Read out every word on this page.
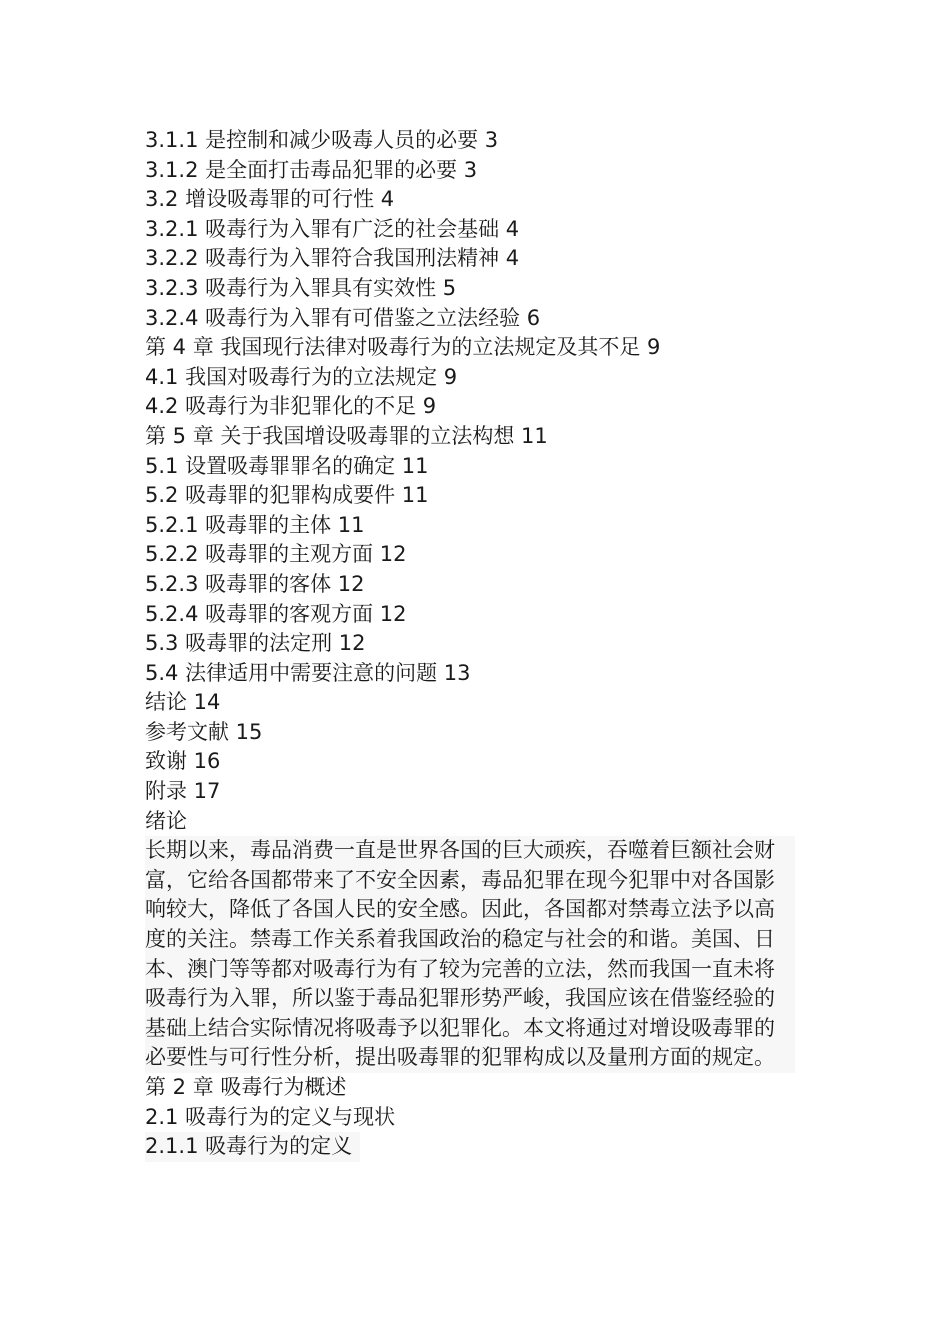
3.1.1 是控制和减少吸毒人员的必要 3
3.1.2 是全面打击毒品犯罪的必要 3
3.2 增设吸毒罪的可行性 4
3.2.1 吸毒行为入罪有广泛的社会基础 4
3.2.2 吸毒行为入罪符合我国刑法精神 4
3.2.3 吸毒行为入罪具有实效性 5
3.2.4 吸毒行为入罪有可借鉴之立法经验 6
第 4 章 我国现行法律对吸毒行为的立法规定及其不足 9
4.1 我国对吸毒行为的立法规定 9
4.2 吸毒行为非犯罪化的不足 9
第 5 章 关于我国增设吸毒罪的立法构想 11
5.1 设置吸毒罪罪名的确定 11
5.2 吸毒罪的犯罪构成要件 11
5.2.1 吸毒罪的主体 11
5.2.2 吸毒罪的主观方面 12
5.2.3 吸毒罪的客体 12
5.2.4 吸毒罪的客观方面 12
5.3 吸毒罪的法定刑 12
5.4 法律适用中需要注意的问题 13
结论 14
参考文献 15
致谢 16
附录 17
绪论

长期以来，毒品消费一直是世界各国的巨大顽疾，吞噬着巨额社会财富，它给各国都带来了不安全因素，毒品犯罪在现今犯罪中对各国影响较大，降低了各国人民的安全感。因此，各国都对禁毒立法予以高度的关注。禁毒工作关系着我国政治的稳定与社会的和谐。美国、日本、澳门等等都对吸毒行为有了较为完善的立法，然而我国一直未将吸毒行为入罪，所以鉴于毒品犯罪形势严峻，我国应该在借鉴经验的基础上结合实际情况将吸毒予以犯罪化。本文将通过对增设吸毒罪的必要性与可行性分析，提出吸毒罪的犯罪构成以及量刑方面的规定。

第 2 章 吸毒行为概述
2.1 吸毒行为的定义与现状
2.1.1 吸毒行为的定义
